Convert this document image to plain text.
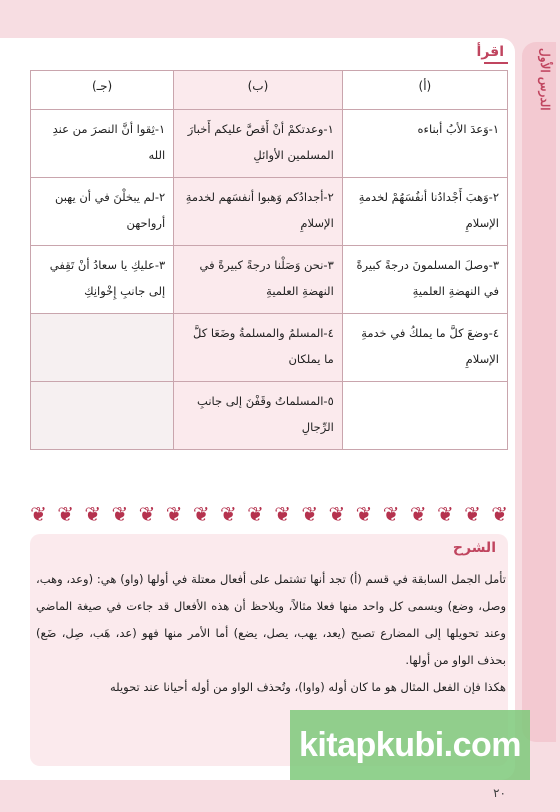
الدرس الأول
اقرأ
(أ)	(ب)	(جـ)
١-وَعدَ الأبُ أبناءه	١-وعدتكمْ أنْ أَقصَّ عليكم أَخبارَ المسلمين الأوائلِ	١-ثِقوا أنَّ النصرَ من عندِ الله
٢-وَهبَ أَجْدادُنا أنفُسَهُمْ لخدمةِ الإسلامِ	٢-أجدادُكم وَهبوا أنفسَهم لخدمةِ الإسلامِ	٢-لم يبخلْنَ في أن يهبن أرواحهن
٣-وصلَ المسلمونَ درجةً كبيرةً في النهضةِ العلميةِ	٣-نحن وَصَلْنا درجةً كبيرةً في النهضةِ العلميةِ	٣-عليكِ يا سعادُ أنْ تَقِفي إلى جانبِ إِخْوانِكِ
٤-وضعَ كلَّ ما يملكُ في خدمةِ الإسلامِ	٤-المسلمُ والمسلمةُ وضَعَا كلَّ ما يملكان	
	٥-المسلماتُ وقَفْنَ إلى جانبِ الرِّجالِ	
❦
❦
❦
❦
❦
❦
❦
❦
❦
❦
❦
❦
❦
❦
❦
❦
❦
❦
الشرح

تأمل الجمل السابقة في قسم (أ) تجد أنها تشتمل على أفعال معتلة في أولها (واو) هي: (وعد، وهب، وصل، وضع) ويسمى كل واحد منها فعلا مثالاً، ويلاحظ أن هذه الأفعال قد جاءت في صيغة الماضي وعند تحويلها إلى المضارع تصبح (يعد، يهب، يصل، يضع) أما الأمر منها فهو (عد، هَب، صِل، ضَع) بحذف الواو من أولها.

هكذا فإن الفعل المثال هو ما كان أوله (واوا)، وتُحذف الواو من أوله أحيانا عند تحويله

kitapkubi.com
٢٠
